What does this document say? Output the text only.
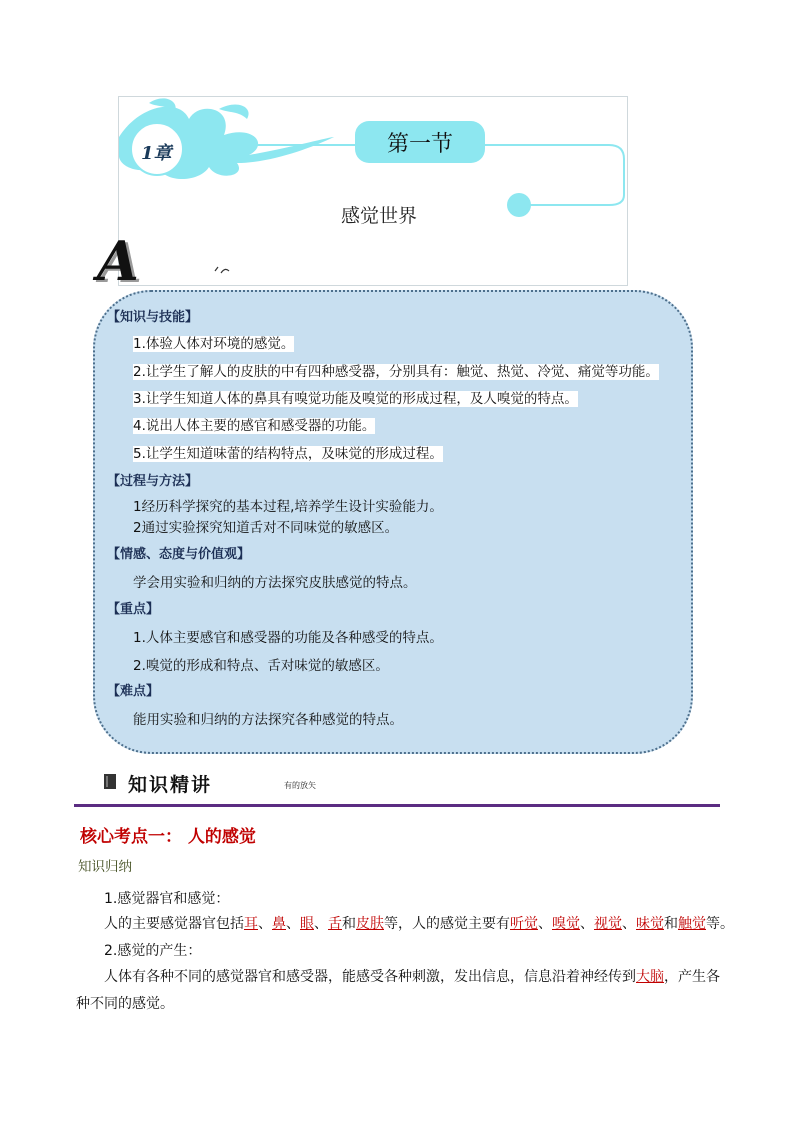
1章	第一节
感觉世界
A
【知识与技能】
1.体验人体对环境的感觉。
2.让学生了解人的皮肤的中有四种感受器，分别具有：触觉、热觉、冷觉、痛觉等功能。
3.让学生知道人体的鼻具有嗅觉功能及嗅觉的形成过程，及人嗅觉的特点。
4.说出人体主要的感官和感受器的功能。
5.让学生知道味蕾的结构特点，及味觉的形成过程。
【过程与方法】
1经历科学探究的基本过程,培养学生设计实验能力。
2通过实验探究知道舌对不同味觉的敏感区。
【情感、态度与价值观】
学会用实验和归纳的方法探究皮肤感觉的特点。
【重点】
1.人体主要感官和感受器的功能及各种感受的特点。
2.嗅觉的形成和特点、舌对味觉的敏感区。
【难点】
能用实验和归纳的方法探究各种感觉的特点。
知识精讲	有的放矢
核心考点一： 人的感觉
知识归纳
1.感觉器官和感觉：
人的主要感觉器官包括耳、鼻、眼、舌和皮肤等，人的感觉主要有听觉、嗅觉、视觉、味觉和触觉等。
2.感觉的产生：
人体有各种不同的感觉器官和感受器，能感受各种刺激，发出信息，信息沿着神经传到大脑，产生各
种不同的感觉。
